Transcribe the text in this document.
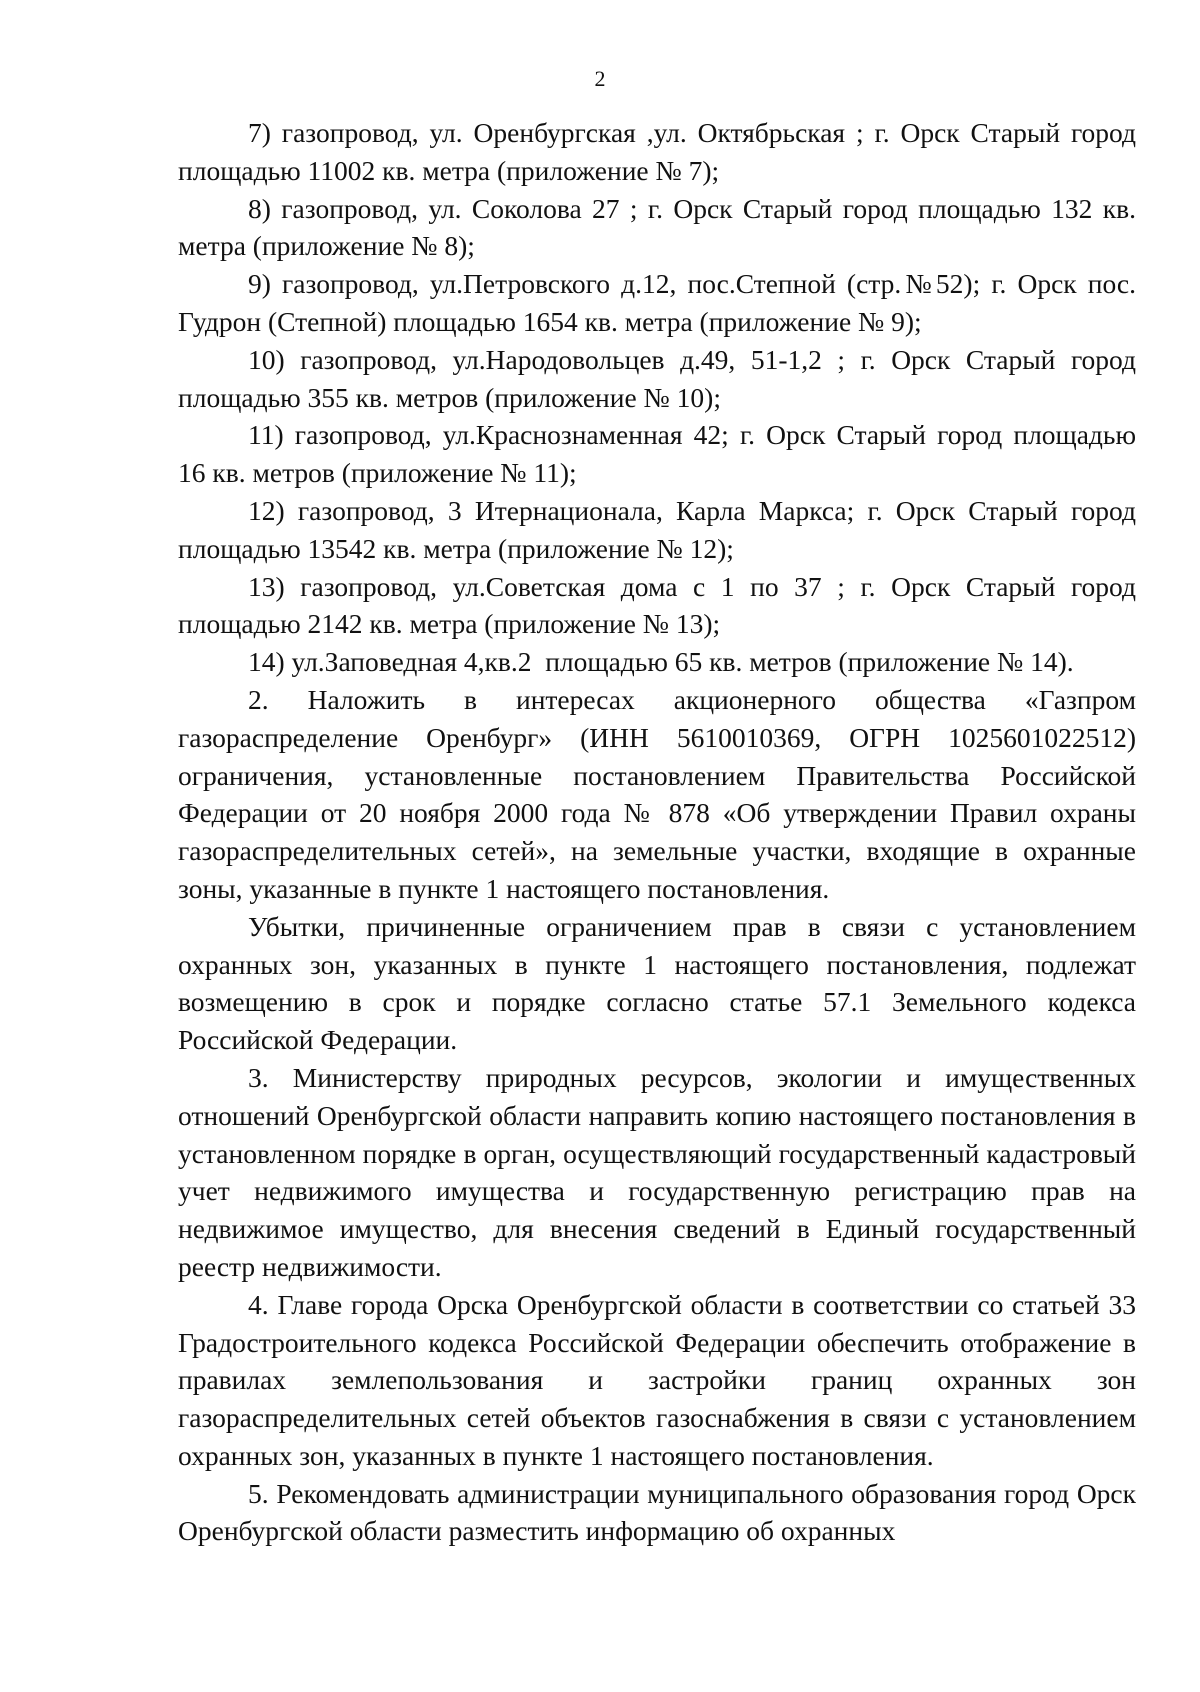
2

7) газопровод, ул. Оренбургская ,ул. Октябрьская ; г. Орск Старый город площадью 11002 кв. метра (приложение № 7);

8) газопровод, ул. Соколова 27 ; г. Орск Старый город площадью 132 кв. метра (приложение № 8);

9) газопровод, ул.Петровского д.12, пос.Степной (стр.№52); г. Орск пос. Гудрон (Степной) площадью 1654 кв. метра (приложение № 9);

10) газопровод, ул.Народовольцев д.49, 51-1,2 ; г. Орск Старый город площадью 355 кв. метров (приложение № 10);

11) газопровод, ул.Краснознаменная 42; г. Орск Старый город площадью 16 кв. метров (приложение № 11);

12) газопровод, 3 Итернационала, Карла Маркса; г. Орск Старый город площадью 13542 кв. метра (приложение № 12);

13) газопровод, ул.Советская дома с 1 по 37 ; г. Орск Старый город площадью 2142 кв. метра (приложение № 13);

14) ул.Заповедная 4,кв.2  площадью 65 кв. метров (приложение № 14).

2. Наложить в интересах акционерного общества «Газпром газораспределение Оренбург» (ИНН 5610010369, ОГРН 1025601022512) ограничения, установленные постановлением Правительства Российской Федерации от 20 ноября 2000 года № 878 «Об утверждении Правил охраны газораспределительных сетей», на земельные участки, входящие в охранные зоны, указанные в пункте 1 настоящего постановления.

Убытки, причиненные ограничением прав в связи с установлением охранных зон, указанных в пункте 1 настоящего постановления, подлежат возмещению в срок и порядке согласно статье 57.1 Земельного кодекса Российской Федерации.

3. Министерству природных ресурсов, экологии и имущественных отношений Оренбургской области направить копию настоящего постановления в установленном порядке в орган, осуществляющий государственный кадастровый учет недвижимого имущества и государственную регистрацию прав на недвижимое имущество, для внесения сведений в Единый государственный реестр недвижимости.

4. Главе города Орска Оренбургской области в соответствии со статьей 33 Градостроительного кодекса Российской Федерации обеспечить отображение в правилах землепользования и застройки границ охранных зон газораспределительных сетей объектов газоснабжения в связи с установлением охранных зон, указанных в пункте 1 настоящего постановления.

5. Рекомендовать администрации муниципального образования город Орск Оренбургской области разместить информацию об охранных
